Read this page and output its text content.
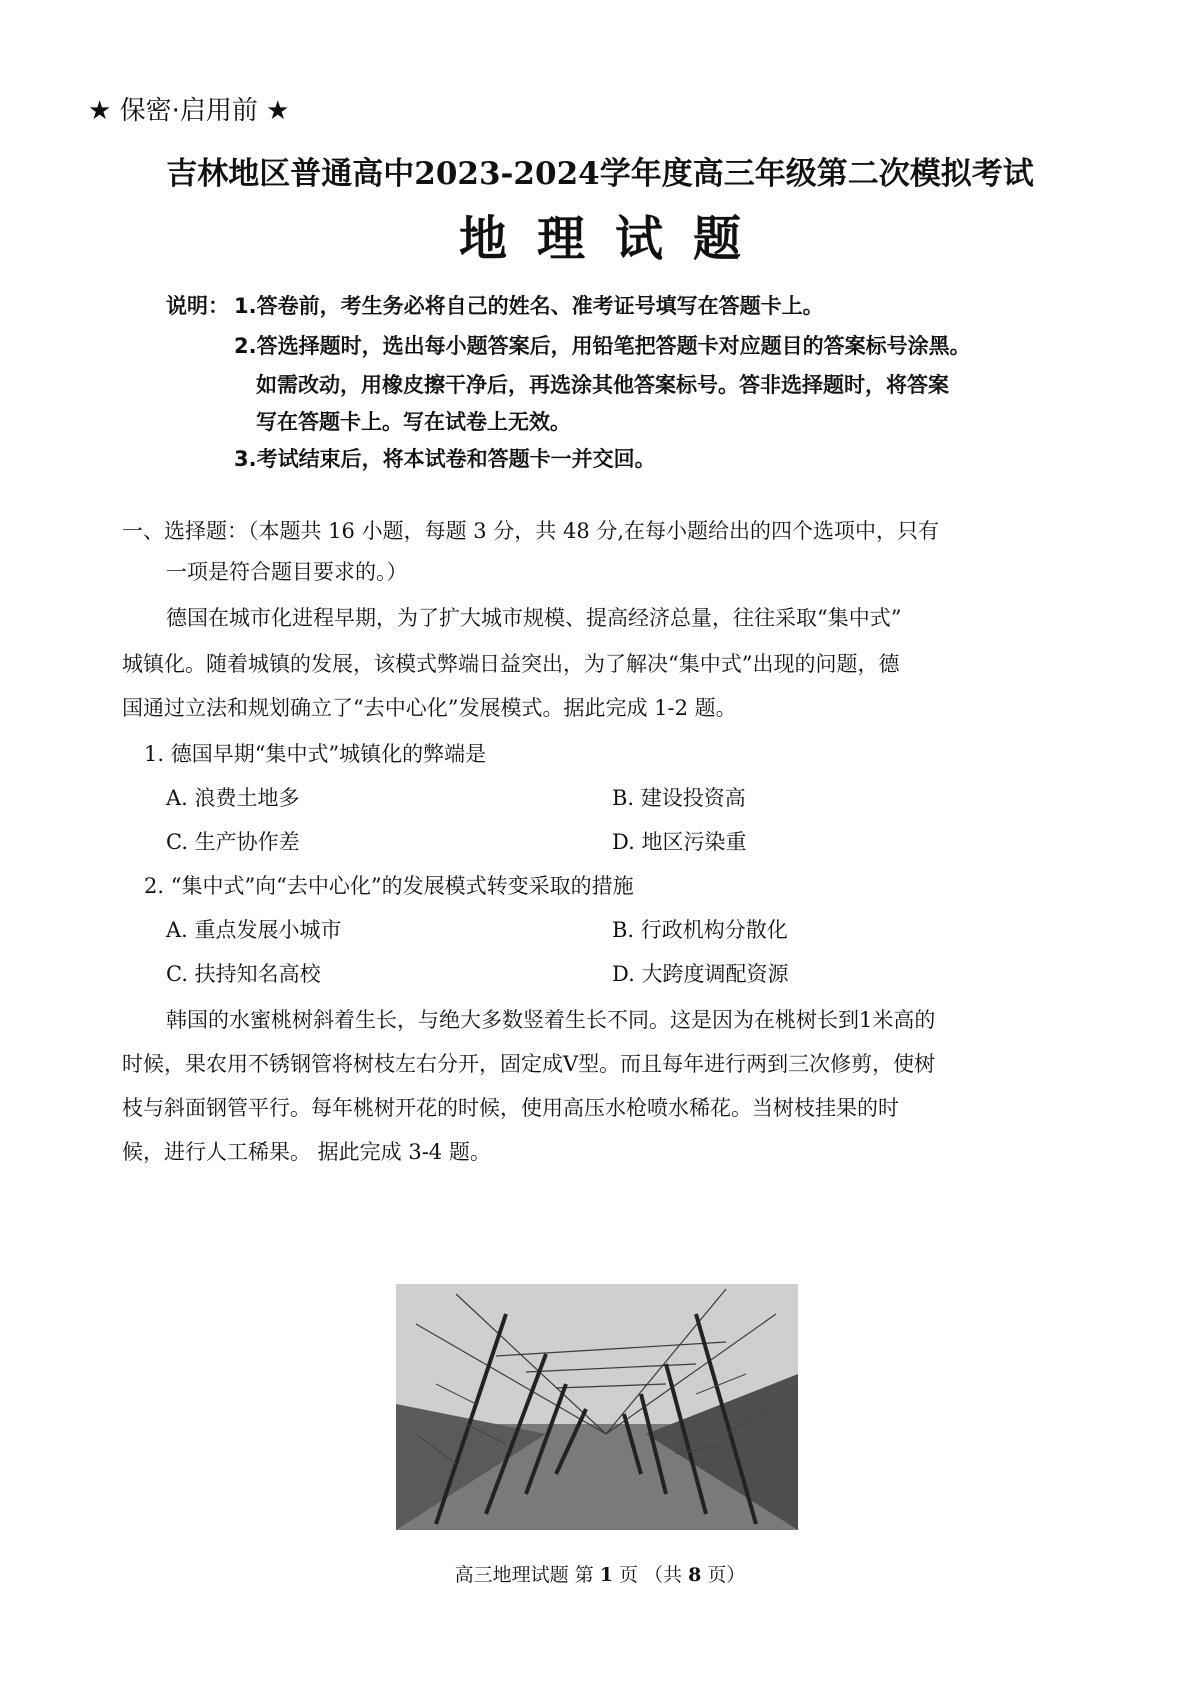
★ 保密·启用前 ★
吉林地区普通高中2023-2024学年度高三年级第二次模拟考试
地理试题
说明： 1.答卷前，考生务必将自己的姓名、准考证号填写在答题卡上。
2.答选择题时，选出每小题答案后，用铅笔把答题卡对应题目的答案标号涂黑。
如需改动，用橡皮擦干净后，再选涂其他答案标号。答非选择题时，将答案
写在答题卡上。写在试卷上无效。
3.考试结束后，将本试卷和答题卡一并交回。
一、选择题：（本题共 16 小题，每题 3 分，共 48 分,在每小题给出的四个选项中，只有
一项是符合题目要求的。）
德国在城市化进程早期，为了扩大城市规模、提高经济总量，往往采取“集中式”
城镇化。随着城镇的发展，该模式弊端日益突出，为了解决“集中式”出现的问题，德
国通过立法和规划确立了“去中心化”发展模式。据此完成 1-2 题。
1. 德国早期“集中式”城镇化的弊端是
A. 浪费土地多	B. 建设投资高
C. 生产协作差	D. 地区污染重
2. “集中式”向“去中心化”的发展模式转变采取的措施
A. 重点发展小城市	B. 行政机构分散化
C. 扶持知名高校	D. 大跨度调配资源
韩国的水蜜桃树斜着生长，与绝大多数竖着生长不同。这是因为在桃树长到1米高的
时候，果农用不锈钢管将树枝左右分开，固定成V型。而且每年进行两到三次修剪，使树
枝与斜面钢管平行。每年桃树开花的时候，使用高压水枪喷水稀花。当树枝挂果的时
候，进行人工稀果。 据此完成 3-4 题。
高三地理试题 第 1 页 （共 8 页）
